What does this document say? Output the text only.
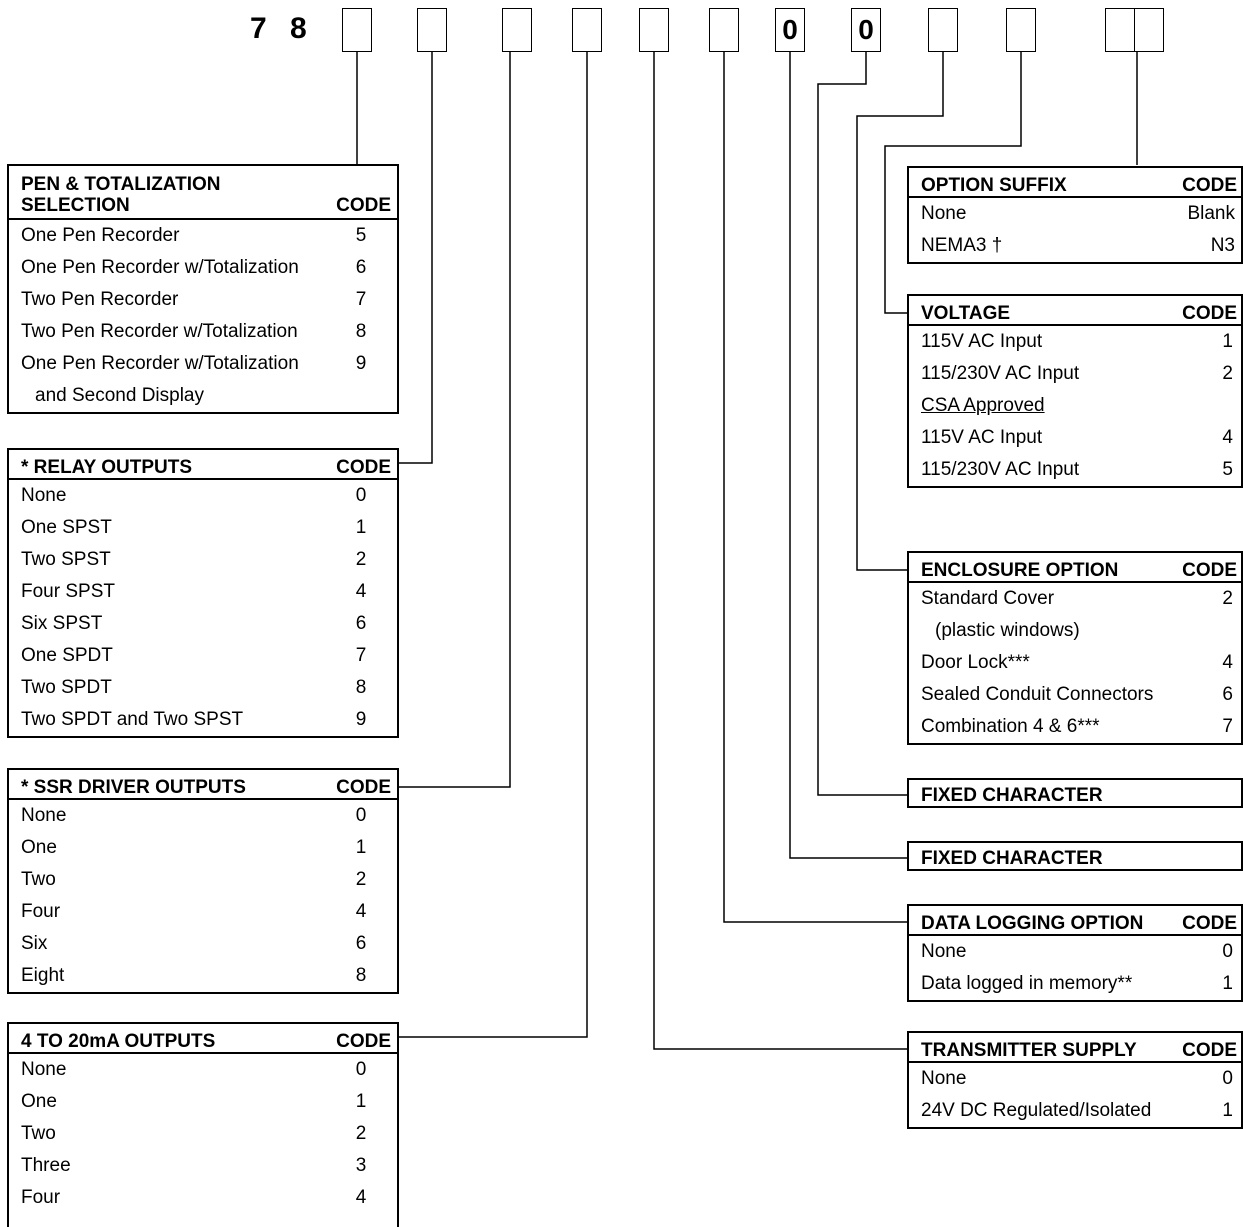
7 8	0 0
PEN & TOTALIZATION
SELECTION	CODE
One Pen Recorder	5
One Pen Recorder w/Totalization	6
Two Pen Recorder	7
Two Pen Recorder w/Totalization	8
One Pen Recorder w/Totalization	9
and Second Display
* RELAY OUTPUTS	CODE
None	0
One SPST	1
Two SPST	2
Four SPST	4
Six SPST	6
One SPDT	7
Two SPDT	8
Two SPDT and Two SPST	9
* SSR DRIVER OUTPUTS	CODE
None	0
One	1
Two	2
Four	4
Six	6
Eight	8
4 TO 20mA OUTPUTS	CODE
None	0
One	1
Two	2
Three	3
Four	4
OPTION SUFFIX	CODE
None	Blank
NEMA3 †	N3
VOLTAGE	CODE
115V AC Input	1
115/230V AC Input	2
CSA Approved
115V AC Input	4
115/230V AC Input	5
ENCLOSURE OPTION	CODE
Standard Cover	2
(plastic windows)
Door Lock***	4
Sealed Conduit Connectors	6
Combination 4 & 6***	7
FIXED CHARACTER
FIXED CHARACTER
DATA LOGGING OPTION CODE
None	0
Data logged in memory**	1
TRANSMITTER SUPPLY CODE
None	0
24V DC Regulated/Isolated	1
